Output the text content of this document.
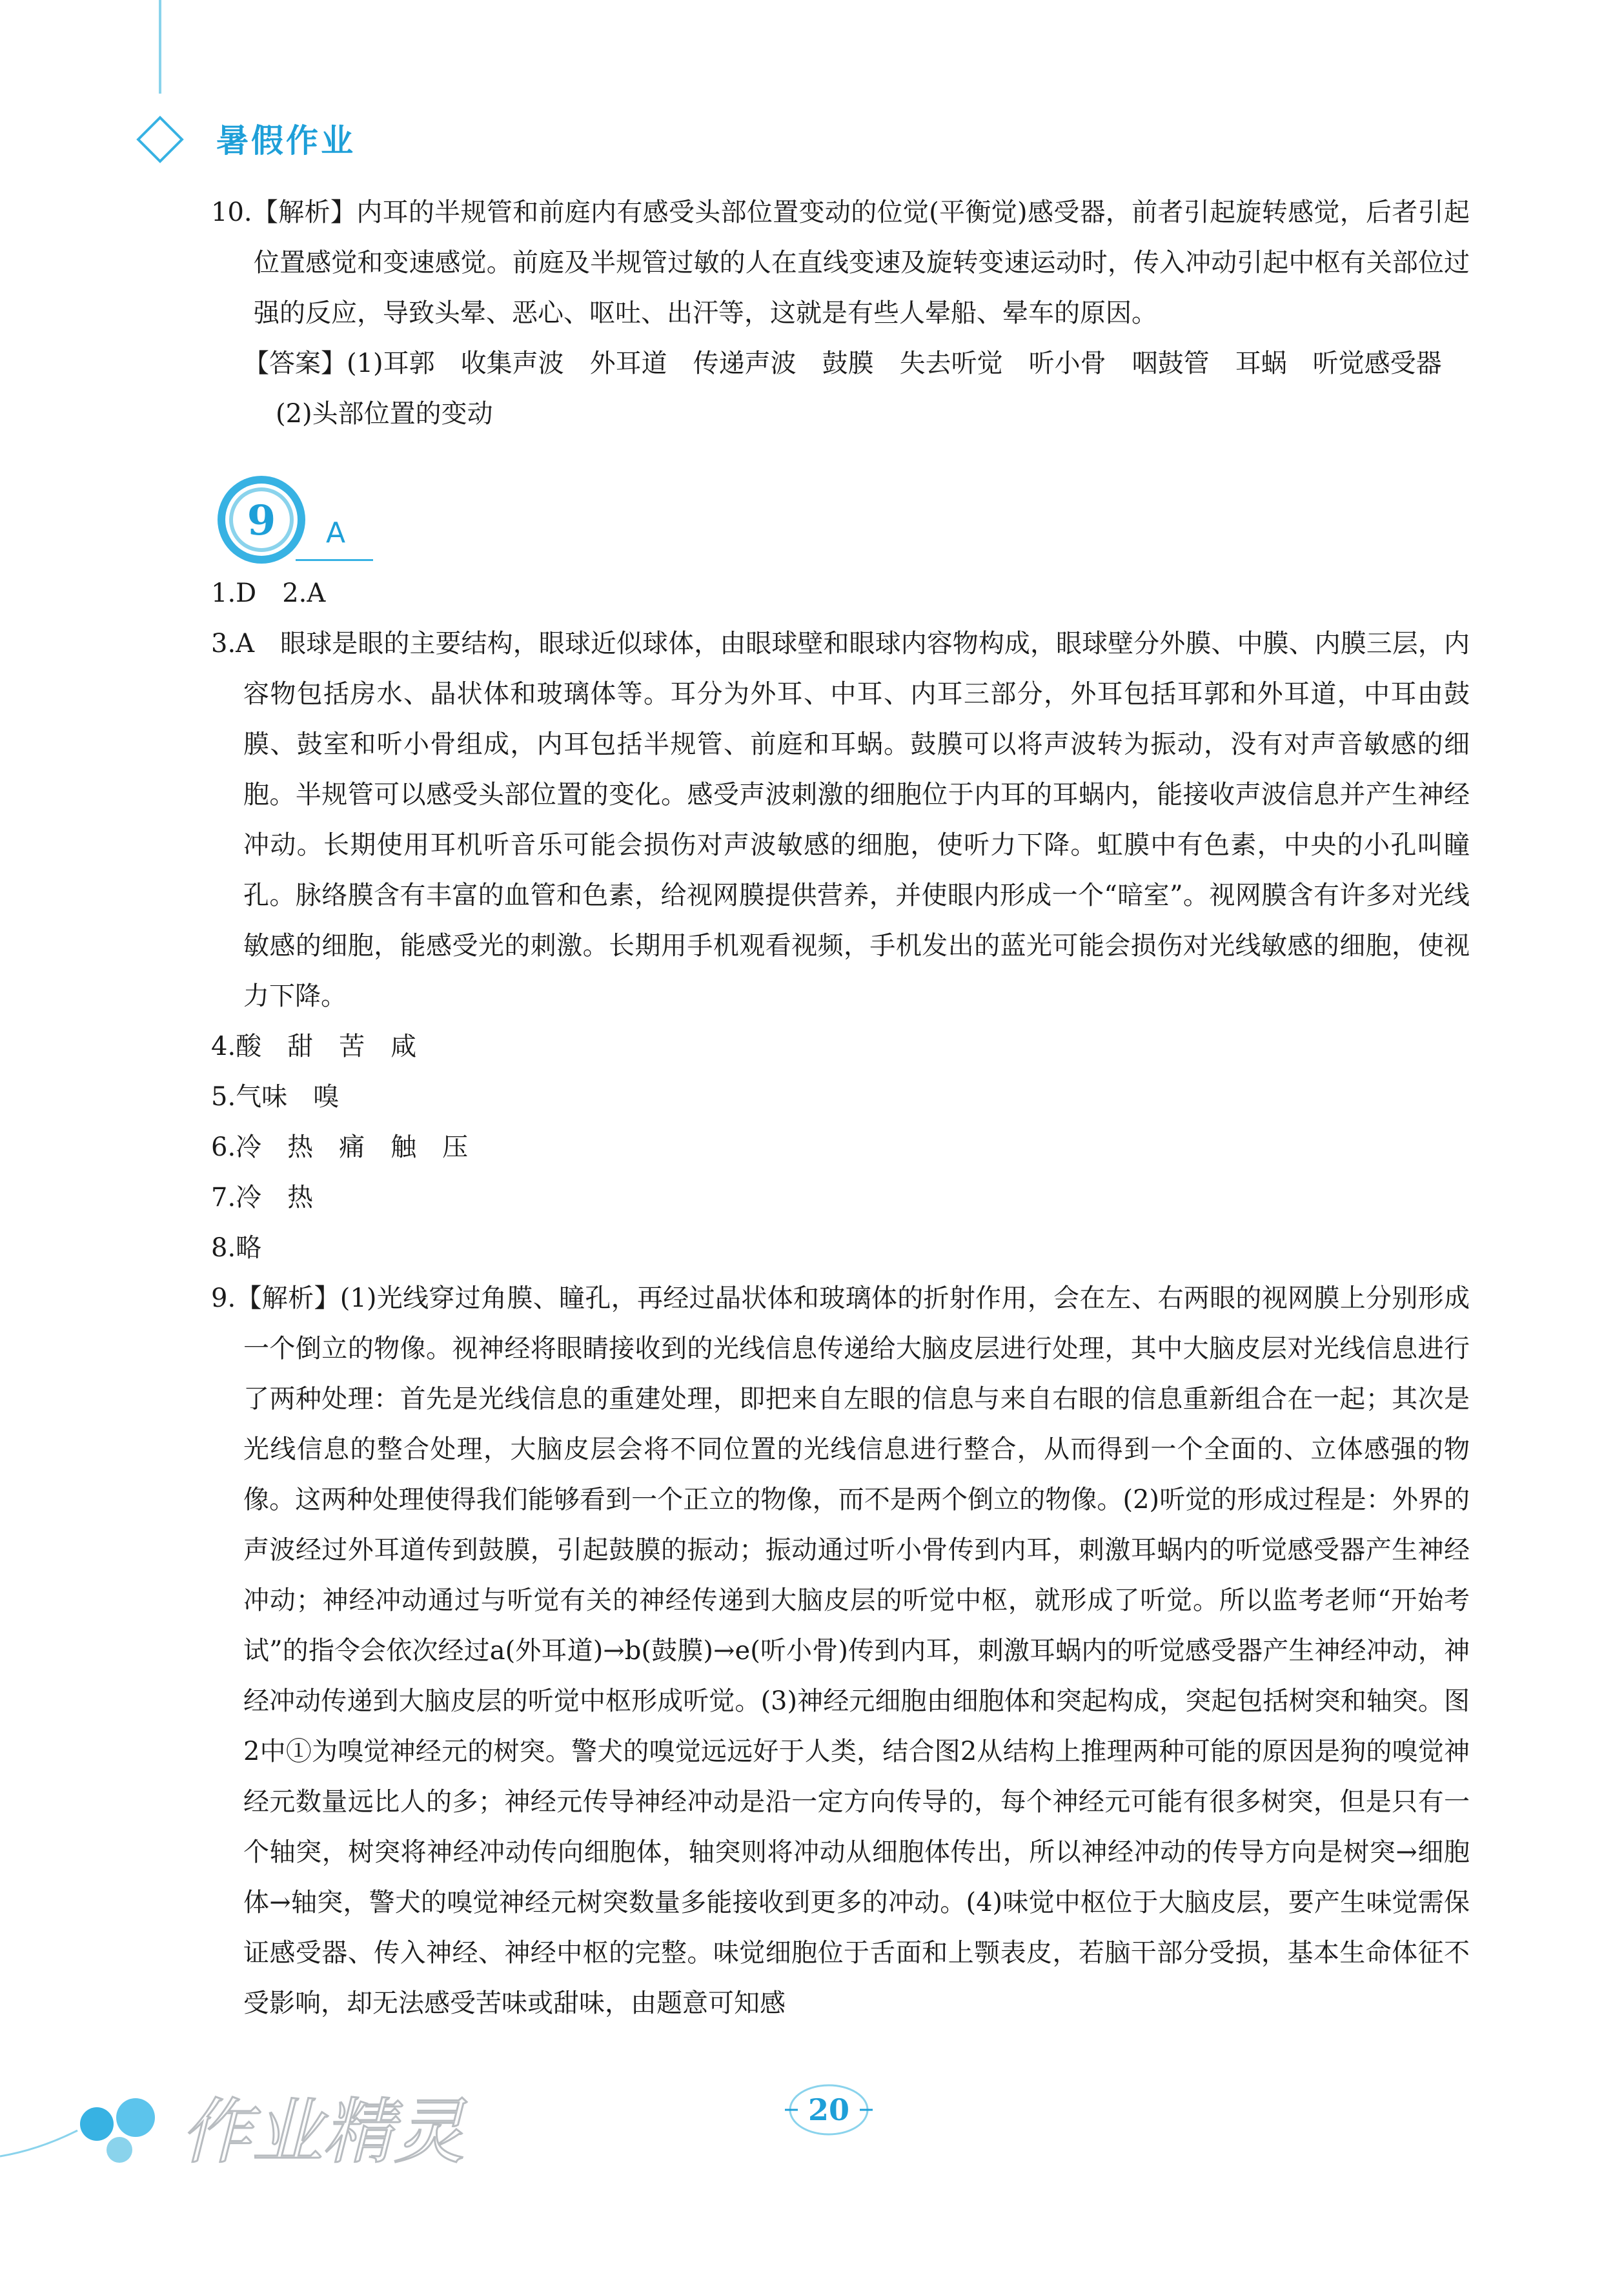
暑假作业
10.【解析】内耳的半规管和前庭内有感受头部位置变动的位觉(平衡觉)感受器，前者引起旋转感觉，后者引起位置感觉和变速感觉。前庭及半规管过敏的人在直线变速及旋转变速运动时，传入冲动引起中枢有关部位过强的反应，导致头晕、恶心、呕吐、出汗等，这就是有些人晕船、晕车的原因。
【答案】(1)耳郭　收集声波　外耳道　传递声波　鼓膜　失去听觉　听小骨　咽鼓管　耳蜗　听觉感受器　(2)头部位置的变动
9 A
1.D　2.A
3.A　眼球是眼的主要结构，眼球近似球体，由眼球壁和眼球内容物构成，眼球壁分外膜、中膜、内膜三层，内容物包括房水、晶状体和玻璃体等。耳分为外耳、中耳、内耳三部分，外耳包括耳郭和外耳道，中耳由鼓膜、鼓室和听小骨组成，内耳包括半规管、前庭和耳蜗。鼓膜可以将声波转为振动，没有对声音敏感的细胞。半规管可以感受头部位置的变化。感受声波刺激的细胞位于内耳的耳蜗内，能接收声波信息并产生神经冲动。长期使用耳机听音乐可能会损伤对声波敏感的细胞，使听力下降。虹膜中有色素，中央的小孔叫瞳孔。脉络膜含有丰富的血管和色素，给视网膜提供营养，并使眼内形成一个“暗室”。视网膜含有许多对光线敏感的细胞，能感受光的刺激。长期用手机观看视频，手机发出的蓝光可能会损伤对光线敏感的细胞，使视力下降。
4.酸　甜　苦　咸
5.气味　嗅
6.冷　热　痛　触　压
7.冷　热
8.略
9.【解析】(1)光线穿过角膜、瞳孔，再经过晶状体和玻璃体的折射作用，会在左、右两眼的视网膜上分别形成一个倒立的物像。视神经将眼睛接收到的光线信息传递给大脑皮层进行处理，其中大脑皮层对光线信息进行了两种处理：首先是光线信息的重建处理，即把来自左眼的信息与来自右眼的信息重新组合在一起；其次是光线信息的整合处理，大脑皮层会将不同位置的光线信息进行整合，从而得到一个全面的、立体感强的物像。这两种处理使得我们能够看到一个正立的物像，而不是两个倒立的物像。(2)听觉的形成过程是：外界的声波经过外耳道传到鼓膜，引起鼓膜的振动；振动通过听小骨传到内耳，刺激耳蜗内的听觉感受器产生神经冲动；神经冲动通过与听觉有关的神经传递到大脑皮层的听觉中枢，就形成了听觉。所以监考老师“开始考试”的指令会依次经过a(外耳道)→b(鼓膜)→e(听小骨)传到内耳，刺激耳蜗内的听觉感受器产生神经冲动，神经冲动传递到大脑皮层的听觉中枢形成听觉。(3)神经元细胞由细胞体和突起构成，突起包括树突和轴突。图2中①为嗅觉神经元的树突。警犬的嗅觉远远好于人类，结合图2从结构上推理两种可能的原因是狗的嗅觉神经元数量远比人的多；神经元传导神经冲动是沿一定方向传导的，每个神经元可能有很多树突，但是只有一个轴突，树突将神经冲动传向细胞体，轴突则将冲动从细胞体传出，所以神经冲动的传导方向是树突→细胞体→轴突，警犬的嗅觉神经元树突数量多能接收到更多的冲动。(4)味觉中枢位于大脑皮层，要产生味觉需保证感受器、传入神经、神经中枢的完整。味觉细胞位于舌面和上颚表皮，若脑干部分受损，基本生命体征不受影响，却无法感受苦味或甜味，由题意可知感
作业精灵	20
